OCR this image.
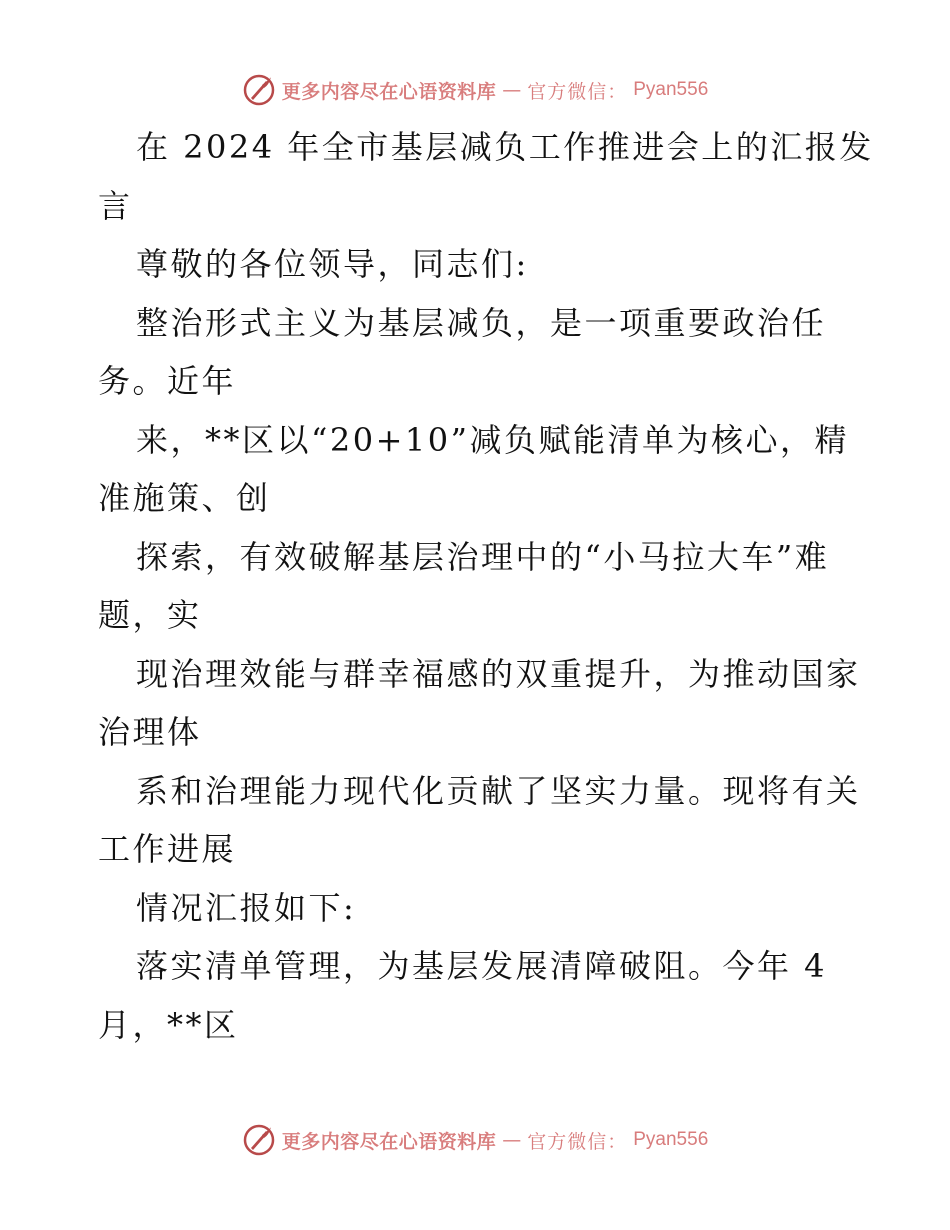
更多内容尽在心语资料库 — 官方微信： Pyan556
在 2024 年全市基层减负工作推进会上的汇报发
言
尊敬的各位领导，同志们:
整治形式主义为基层减负，是一项重要政治任
务。近年
来，**区以“20+10”减负赋能清单为核心，精
准施策、创
探索，有效破解基层治理中的“小马拉大车”难
题，实
现治理效能与群幸福感的双重提升，为推动国家
治理体
系和治理能力现代化贡献了坚实力量。现将有关
工作进展
情况汇报如下:
落实清单管理，为基层发展清障破阻。今年 4
月，**区
更多内容尽在心语资料库 — 官方微信： Pyan556
